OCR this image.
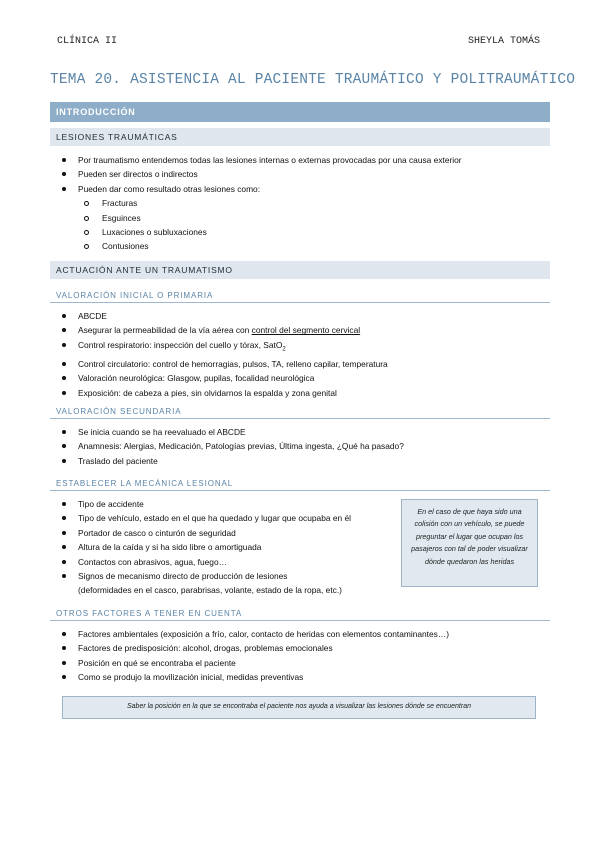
CLÍNICA II	SHEYLA TOMÁS
TEMA 20. ASISTENCIA AL PACIENTE TRAUMÁTICO Y POLITRAUMÁTICO
INTRODUCCIÓN
LESIONES TRAUMÁTICAS
Por traumatismo entendemos todas las lesiones internas o externas provocadas por una causa exterior
Pueden ser directos o indirectos
Pueden dar como resultado otras lesiones como:
Fracturas
Esguinces
Luxaciones o subluxaciones
Contusiones
ACTUACIÓN ANTE UN TRAUMATISMO
VALORACIÓN INICIAL O PRIMARIA
ABCDE
Asegurar la permeabilidad de la vía aérea con control del segmento cervical
Control respiratorio: inspección del cuello y tórax, SatO$_2$
Control circulatorio: control de hemorragias, pulsos, TA, relleno capilar, temperatura
Valoración neurológica: Glasgow, pupilas, focalidad neurológica
Exposición: de cabeza a pies, sin olvidarnos la espalda y zona genital
VALORACIÓN SECUNDARIA
Se inicia cuando se ha reevaluado el ABCDE
Anamnesis: Alergias, Medicación, Patologías previas, Última ingesta, ¿Qué ha pasado?
Traslado del paciente
ESTABLECER LA MECÁNICA LESIONAL
Tipo de accidente
Tipo de vehículo, estado en el que ha quedado y lugar que ocupaba en él
Portador de casco o cinturón de seguridad
Altura de la caída y si ha sido libre o amortiguada
Contactos con abrasivos, agua, fuego…
Signos de mecanismo directo de producción de lesiones
(deformidades en el casco, parabrisas, volante, estado de la ropa, etc.)
En el caso de que haya sido una colisión con un vehículo, se puede preguntar el lugar que ocupan los pasajeros con tal de poder visualizar dónde quedaron las heridas
OTROS FACTORES A TENER EN CUENTA
Factores ambientales (exposición a frío, calor, contacto de heridas con elementos contaminantes…)
Factores de predisposición: alcohol, drogas, problemas emocionales
Posición en qué se encontraba el paciente
Como se produjo la movilización inicial, medidas preventivas
Saber la posición en la que se encontraba el paciente nos ayuda a visualizar las lesiones dónde se encuentran
